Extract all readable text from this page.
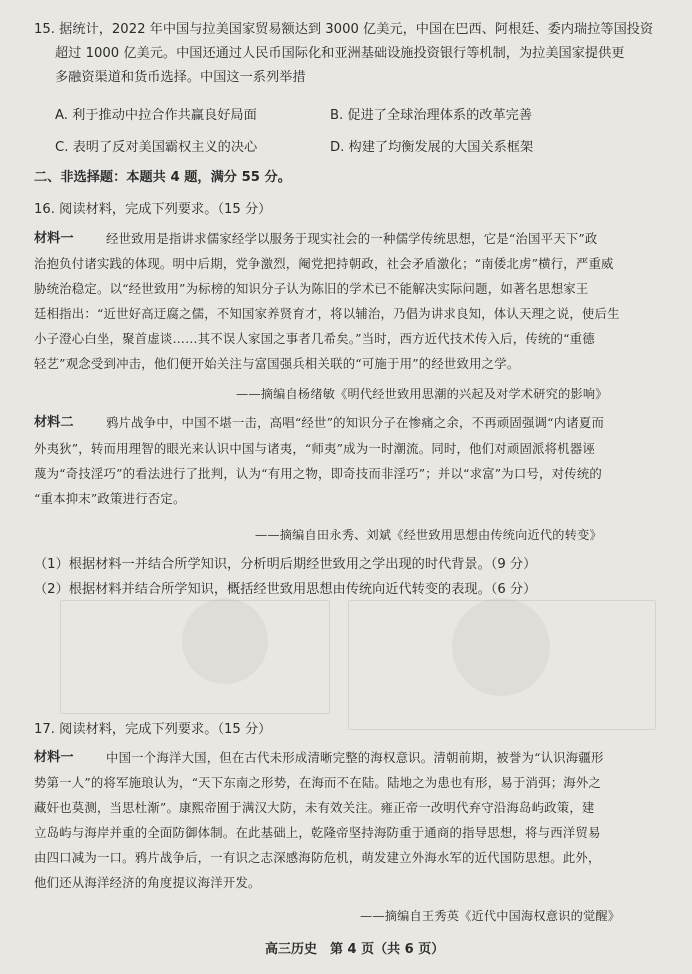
15. 据统计，2022 年中国与拉美国家贸易额达到 3000 亿美元，中国在巴西、阿根廷、委内瑞拉等国投资
超过 1000 亿美元。中国还通过人民币国际化和亚洲基础设施投资银行等机制，为拉美国家提供更
多融资渠道和货币选择。中国这一系列举措
A. 利于推动中拉合作共赢良好局面	B. 促进了全球治理体系的改革完善
C. 表明了反对美国霸权主义的决心	D. 构建了均衡发展的大国关系框架
二、非选择题：本题共 4 题，满分 55 分。
16. 阅读材料，完成下列要求。（15 分）
材料一	经世致用是指讲求儒家经学以服务于现实社会的一种儒学传统思想，它是“治国平天下”政
治抱负付诸实践的体现。明中后期，党争激烈，阉党把持朝政，社会矛盾激化；“南倭北虏”横行，严重威
胁统治稳定。以“经世致用”为标榜的知识分子认为陈旧的学术已不能解决实际问题，如著名思想家王
廷相指出：“近世好高迂腐之儒，不知国家养贤育才，将以辅治，乃倡为讲求良知，体认天理之说，使后生
小子澄心白坐，聚首虚谈……其不误人家国之事者几希矣。”当时，西方近代技术传入后，传统的“重德
轻艺”观念受到冲击，他们便开始关注与富国强兵相关联的“可施于用”的经世致用之学。
——摘编自杨绪敏《明代经世致用思潮的兴起及对学术研究的影响》
材料二	鸦片战争中，中国不堪一击，高唱“经世”的知识分子在惨痛之余，不再顽固强调“内诸夏而
外夷狄”，转而用理智的眼光来认识中国与诸夷，“师夷”成为一时潮流。同时，他们对顽固派将机器诬
蔑为“奇技淫巧”的看法进行了批判，认为“有用之物，即奇技而非淫巧”；并以“求富”为口号，对传统的
“重本抑末”政策进行否定。
——摘编自田永秀、刘斌《经世致用思想由传统向近代的转变》
（1）根据材料一并结合所学知识，分析明后期经世致用之学出现的时代背景。（9 分）
（2）根据材料并结合所学知识，概括经世致用思想由传统向近代转变的表现。（6 分）
17. 阅读材料，完成下列要求。（15 分）
材料一	中国一个海洋大国，但在古代未形成清晰完整的海权意识。清朝前期，被誉为“认识海疆形
势第一人”的将军施琅认为，“天下东南之形势，在海而不在陆。陆地之为患也有形，易于消弭；海外之
藏奸也莫测，当思杜渐”。康熙帝囿于满汉大防，未有效关注。雍正帝一改明代弃守沿海岛屿政策，建
立岛屿与海岸并重的全面防御体制。在此基础上，乾隆帝坚持海防重于通商的指导思想，将与西洋贸易
由四口减为一口。鸦片战争后，一有识之志深感海防危机，萌发建立外海水军的近代国防思想。此外，
他们还从海洋经济的角度提议海洋开发。
——摘编自王秀英《近代中国海权意识的觉醒》
高三历史　第 4 页（共 6 页）
